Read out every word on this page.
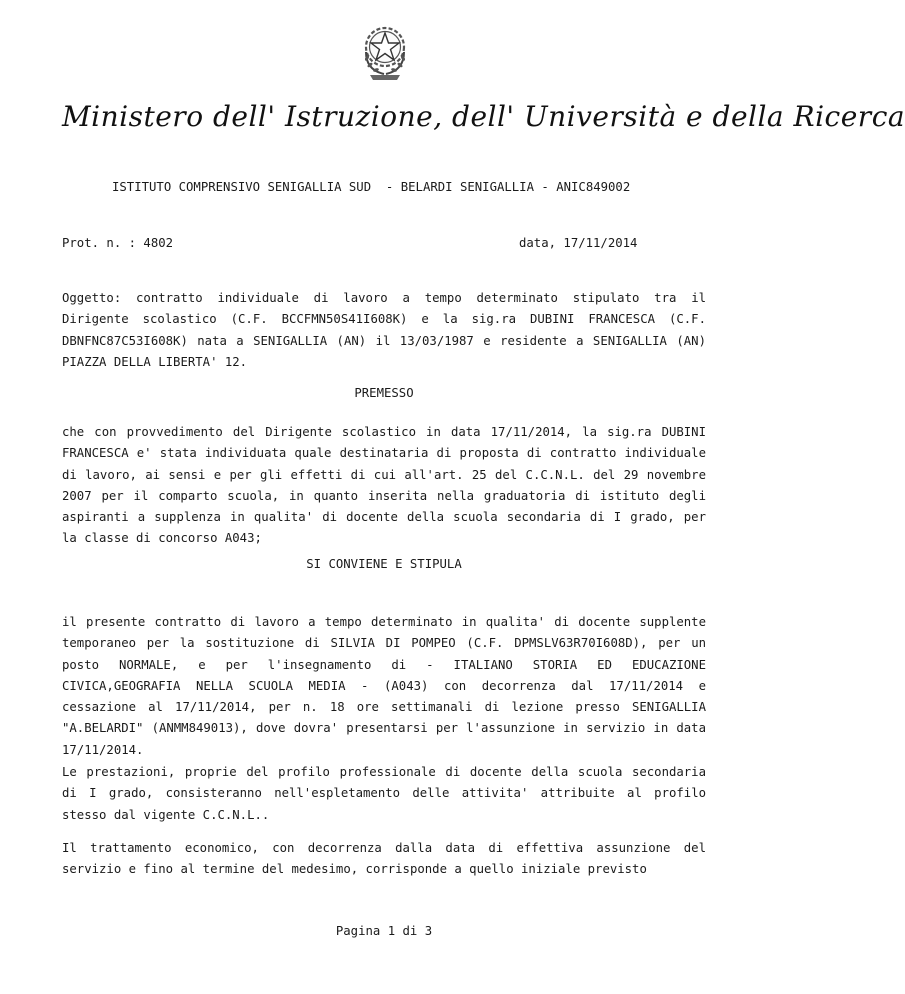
Ministero dell' Istruzione, dell' Università e della Ricerca
ISTITUTO COMPRENSIVO SENIGALLIA SUD  - BELARDI SENIGALLIA - ANIC849002
Prot. n. : 4802	data, 17/11/2014

Oggetto: contratto individuale di lavoro a tempo determinato stipulato tra il Dirigente scolastico (C.F. BCCFMN50S41I608K) e la sig.ra DUBINI FRANCESCA (C.F. DBNFNC87C53I608K) nata a SENIGALLIA (AN) il 13/03/1987 e residente a SENIGALLIA (AN) PIAZZA DELLA LIBERTA' 12.

PREMESSO

che con provvedimento del Dirigente scolastico in data 17/11/2014, la sig.ra DUBINI FRANCESCA e' stata individuata quale destinataria di proposta di contratto individuale di lavoro, ai sensi e per gli effetti di cui all'art. 25 del C.C.N.L. del 29 novembre 2007 per il comparto scuola, in quanto inserita nella graduatoria di istituto degli aspiranti a supplenza in qualita' di docente della scuola secondaria di I grado, per la classe di concorso A043;

SI CONVIENE E STIPULA

il presente contratto di lavoro a tempo determinato in qualita' di docente supplente temporaneo per la sostituzione di SILVIA DI POMPEO (C.F. DPMSLV63R70I608D), per un posto NORMALE, e per l'insegnamento di - ITALIANO STORIA ED EDUCAZIONE CIVICA,GEOGRAFIA NELLA SCUOLA MEDIA - (A043) con decorrenza dal 17/11/2014 e cessazione al 17/11/2014, per n. 18 ore settimanali di lezione presso SENIGALLIA "A.BELARDI" (ANMM849013), dove dovra' presentarsi per l'assunzione in servizio in data 17/11/2014.

Le prestazioni, proprie del profilo professionale di docente della scuola secondaria di I grado, consisteranno nell'espletamento delle attivita' attribuite al profilo stesso dal vigente C.C.N.L..

Il trattamento economico, con decorrenza dalla data di effettiva assunzione del servizio e fino al termine del medesimo, corrisponde a quello iniziale previsto

Pagina 1 di 3
